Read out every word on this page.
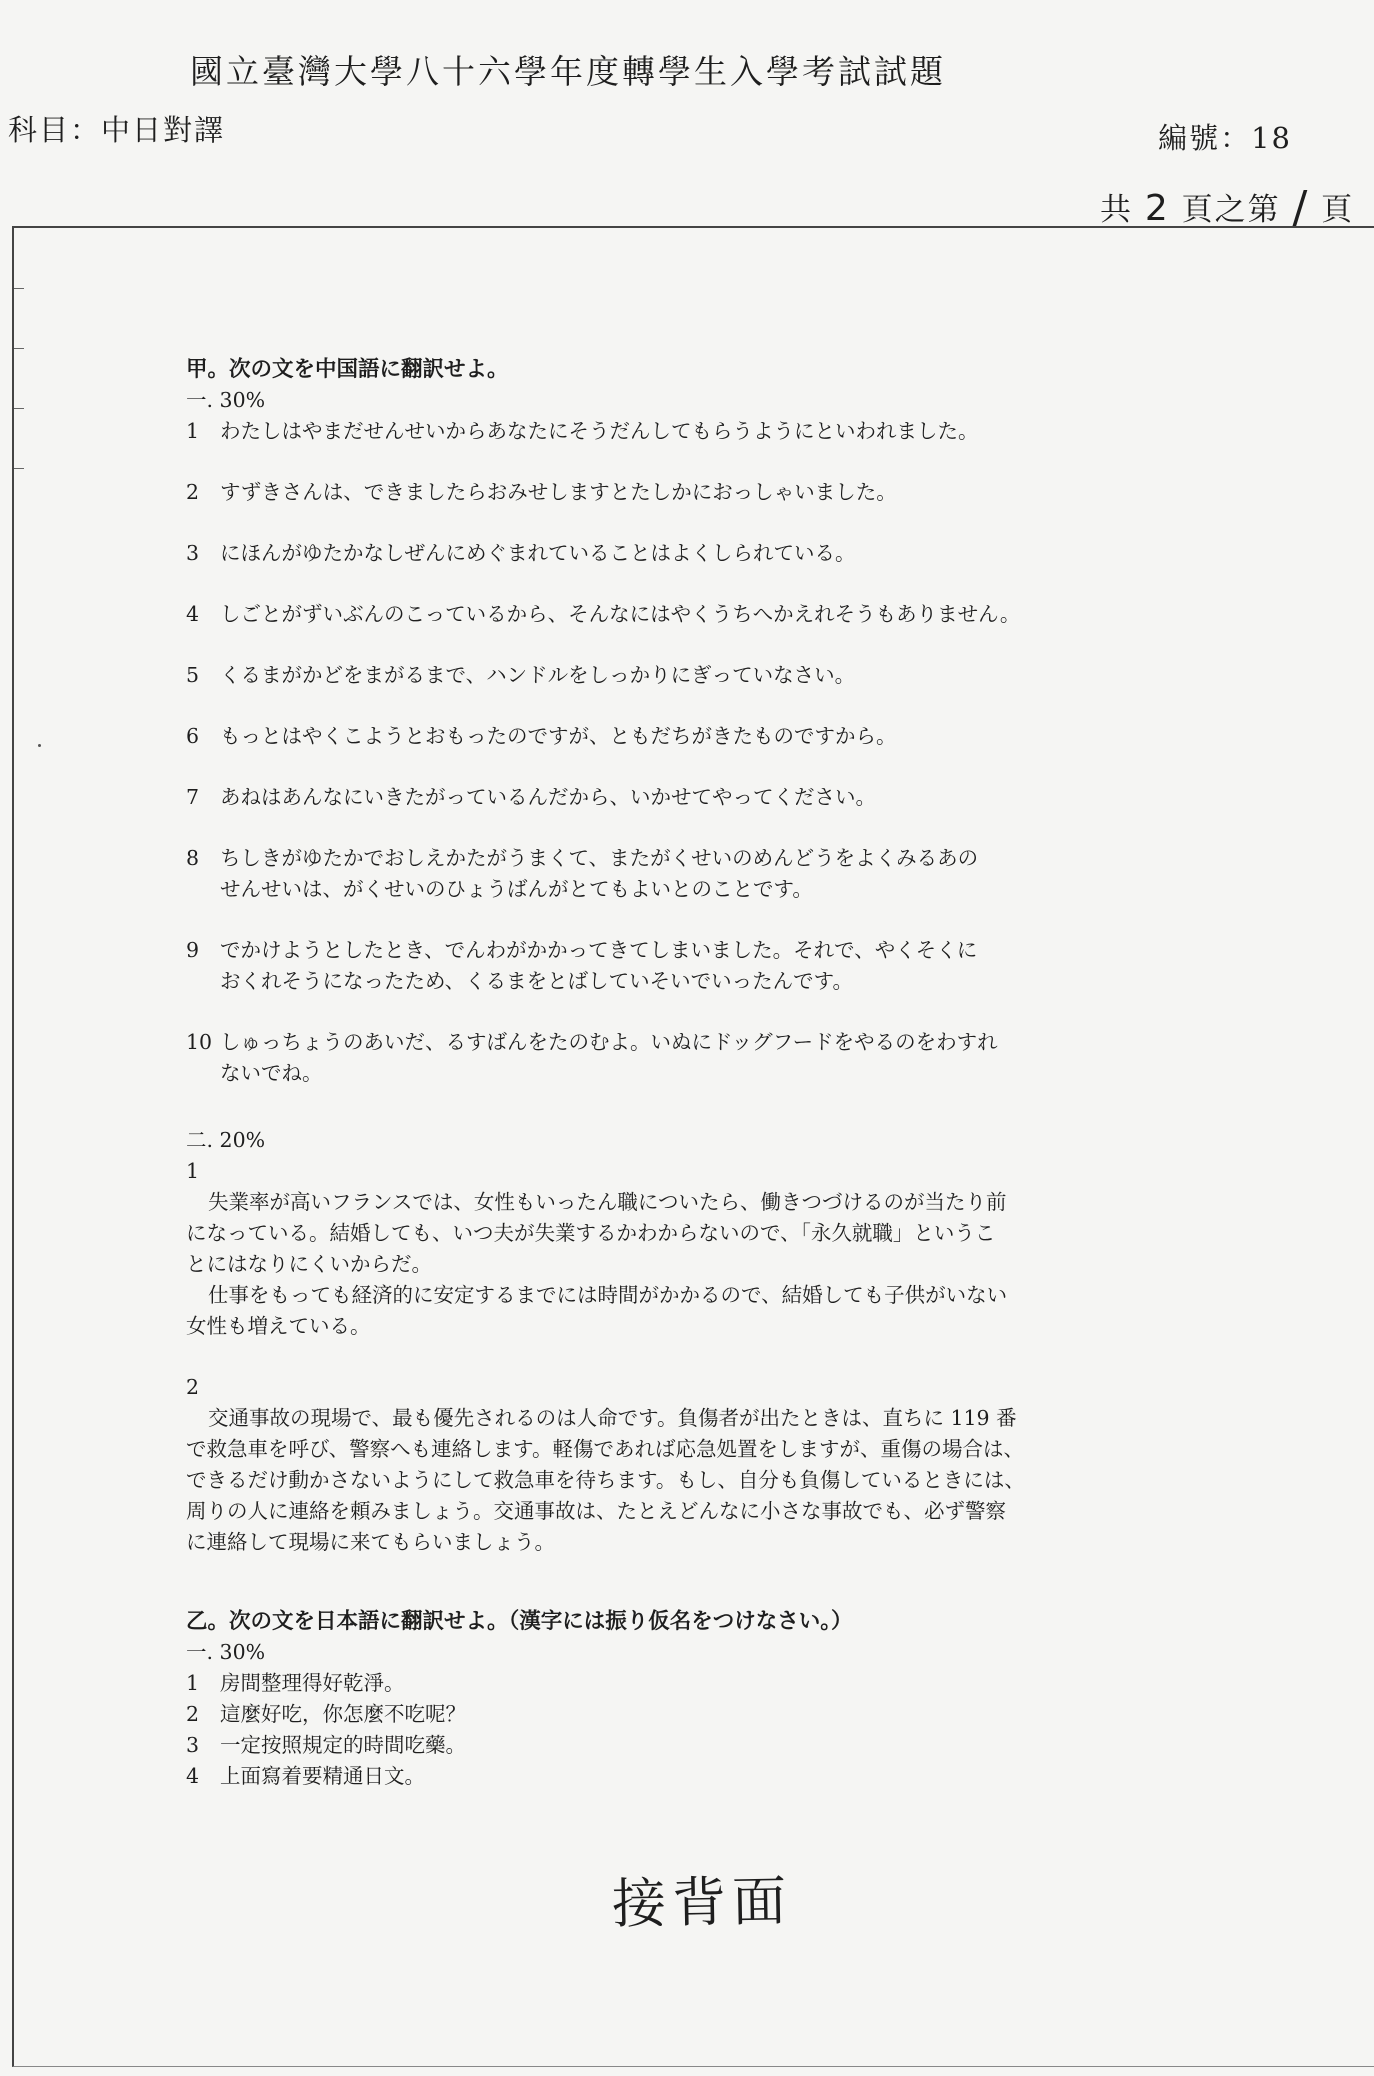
國立臺灣大學八十六學年度轉學生入學考試試題
科目：中日對譯	編號：18
共 2 頁之第 / 頁
甲。次の文を中国語に翻訳せよ。
一. 30%
1	わたしはやまだせんせいからあなたにそうだんしてもらうようにといわれました。
2	すずきさんは、できましたらおみせしますとたしかにおっしゃいました。
3	にほんがゆたかなしぜんにめぐまれていることはよくしられている。
4	しごとがずいぶんのこっているから、そんなにはやくうちへかえれそうもありません。
5	くるまがかどをまがるまで、ハンドルをしっかりにぎっていなさい。
6	もっとはやくこようとおもったのですが、ともだちがきたものですから。
7	あねはあんなにいきたがっているんだから、いかせてやってください。
8	ちしきがゆたかでおしえかたがうまくて、またがくせいのめんどうをよくみるあの
せんせいは、がくせいのひょうばんがとてもよいとのことです。
9	でかけようとしたとき、でんわがかかってきてしまいました。それで、やくそくに
おくれそうになったため、くるまをとばしていそいでいったんです。
10 しゅっちょうのあいだ、るすばんをたのむよ。いぬにドッグフードをやるのをわすれ
ないでね。
二. 20%
1
失業率が高いフランスでは、女性もいったん職についたら、働きつづけるのが当たり前
になっている。結婚しても、いつ夫が失業するかわからないので、「永久就職」というこ
とにはなりにくいからだ。
仕事をもっても経済的に安定するまでには時間がかかるので、結婚しても子供がいない
女性も増えている。
2
交通事故の現場で、最も優先されるのは人命です。負傷者が出たときは、直ちに 119 番
で救急車を呼び、警察へも連絡します。軽傷であれば応急処置をしますが、重傷の場合は、
できるだけ動かさないようにして救急車を待ちます。もし、自分も負傷しているときには、
周りの人に連絡を頼みましょう。交通事故は、たとえどんなに小さな事故でも、必ず警察
に連絡して現場に来てもらいましょう。
乙。次の文を日本語に翻訳せよ。（漢字には振り仮名をつけなさい。）
一. 30%
1	房間整理得好乾淨。
2	這麼好吃，你怎麼不吃呢？
3	一定按照規定的時間吃藥。
4	上面寫着要精通日文。
接背面
